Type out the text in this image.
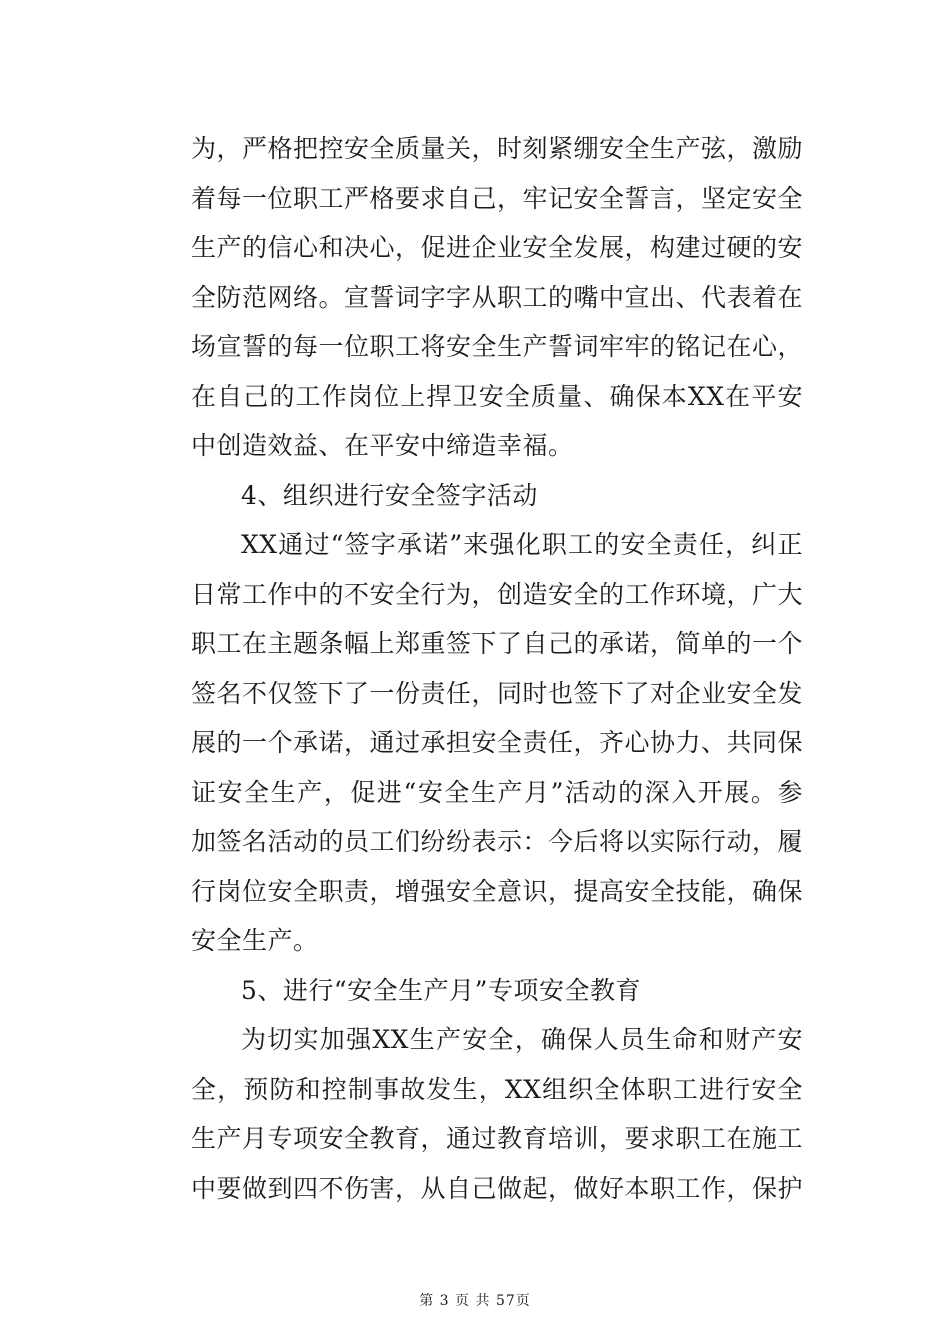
为，严格把控安全质量关，时刻紧绷安全生产弦，激励着每一位职工严格要求自己，牢记安全誓言，坚定安全生产的信心和决心，促进企业安全发展，构建过硬的安全防范网络。宣誓词字字从职工的嘴中宣出、代表着在场宣誓的每一位职工将安全生产誓词牢牢的铭记在心，在自己的工作岗位上捍卫安全质量、确保本XX在平安中创造效益、在平安中缔造幸福。

4、组织进行安全签字活动

XX通过“签字承诺”来强化职工的安全责任，纠正日常工作中的不安全行为，创造安全的工作环境，广大职工在主题条幅上郑重签下了自己的承诺，简单的一个签名不仅签下了一份责任，同时也签下了对企业安全发展的一个承诺，通过承担安全责任，齐心协力、共同保证安全生产，促进“安全生产月”活动的深入开展。参加签名活动的员工们纷纷表示：今后将以实际行动，履行岗位安全职责，增强安全意识，提高安全技能，确保安全生产。

5、进行“安全生产月”专项安全教育

为切实加强XX生产安全，确保人员生命和财产安全，预防和控制事故发生，XX组织全体职工进行安全生产月专项安全教育，通过教育培训，要求职工在施工中要做到四不伤害，从自己做起，做好本职工作，保护

第 3 页 共 57页
